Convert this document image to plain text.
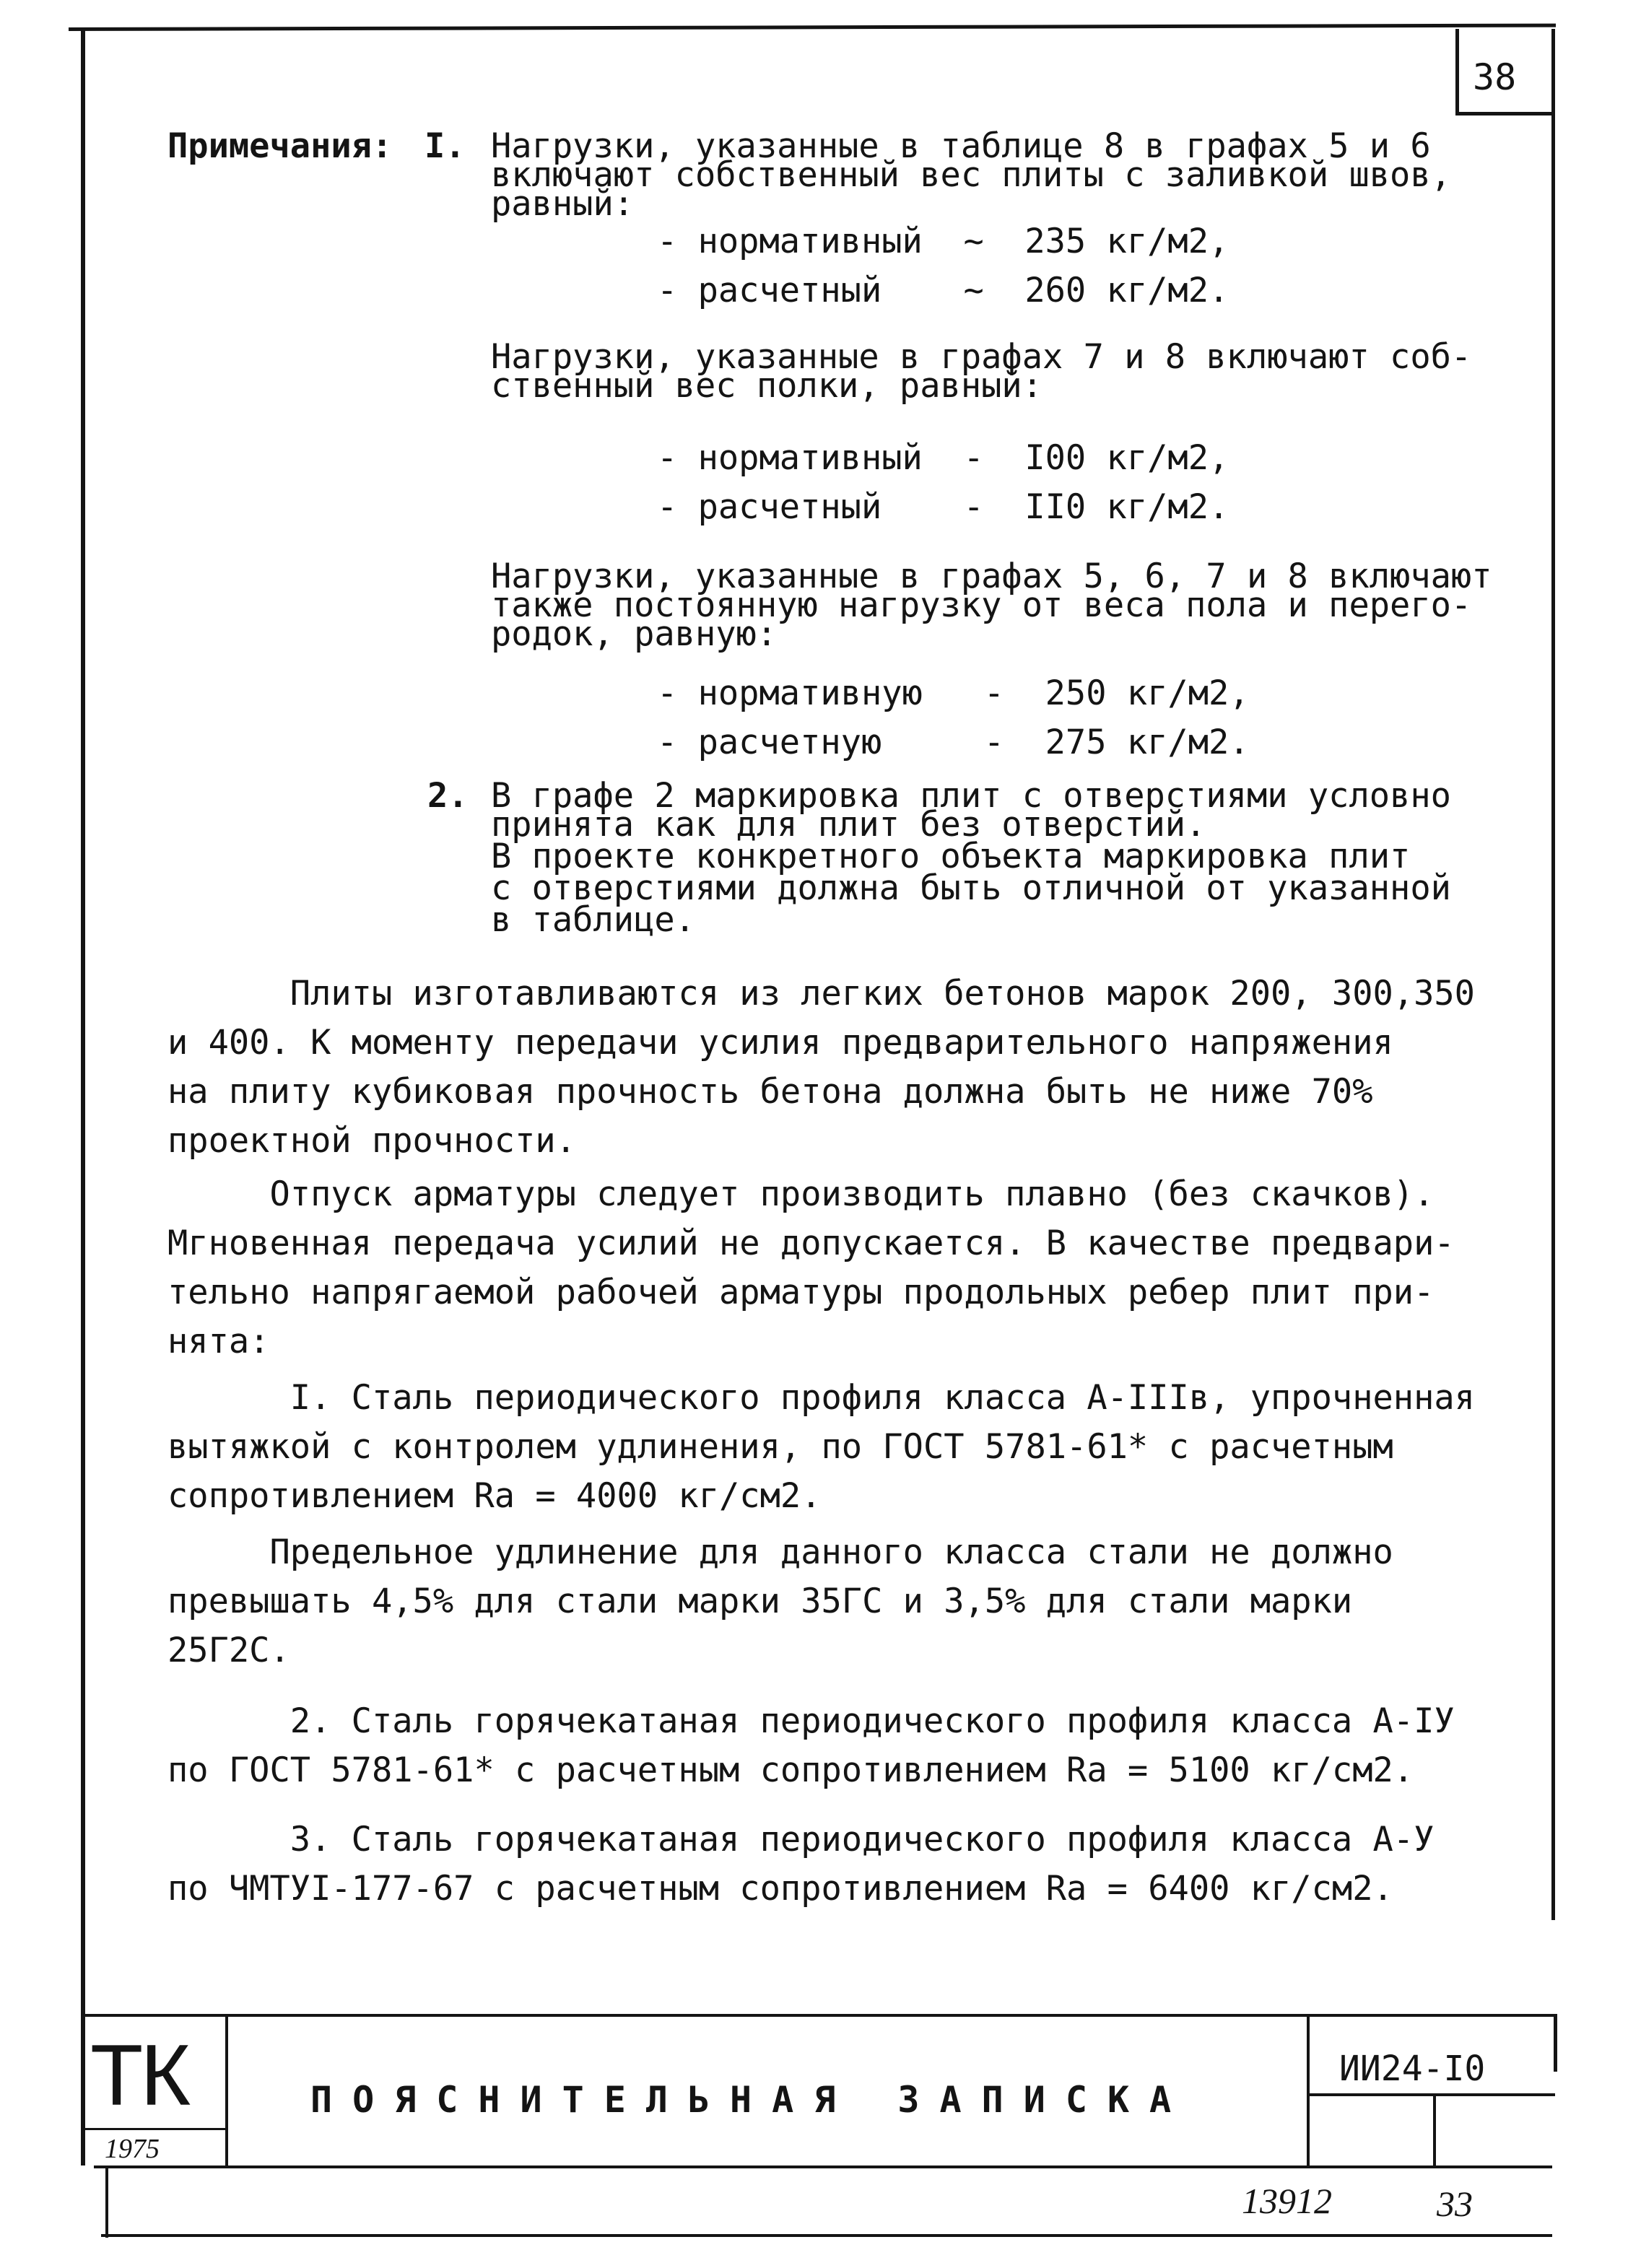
38
Примечания: I. Нагрузки, указанные в таблице 8 в графах 5 и 6
включают собственный вес плиты с заливкой швов,
равный:
- нормативный  ~  235 кг/м2,
- расчетный    ~  260 кг/м2.
Нагрузки, указанные в графах 7 и 8 включают соб-
ственный вес полки, равный:
- нормативный  -  I00 кг/м2,
- расчетный    -  II0 кг/м2.
Нагрузки, указанные в графах 5, 6, 7 и 8 включают
также постоянную нагрузку от веса пола и перего-
родок, равную:
- нормативную   -  250 кг/м2,
- расчетную     -  275 кг/м2.
2. В графе 2 маркировка плит с отверстиями условно
принята как для плит без отверстий.
В проекте конкретного объекта маркировка плит
с отверстиями должна быть отличной от указанной
в таблице.
Плиты изготавливаются из легких бетонов марок 200, 300,350
и 400. К моменту передачи усилия предварительного напряжения
на плиту кубиковая прочность бетона должна быть не ниже 70%
проектной прочности.
Отпуск арматуры следует производить плавно (без скачков).
Мгновенная передача усилий не допускается. В качестве предвари-
тельно напрягаемой рабочей арматуры продольных ребер плит при-
нята:
I. Сталь периодического профиля класса А-IIIв, упрочненная
вытяжкой с контролем удлинения, по ГОСТ 5781-61* с расчетным
сопротивлением Rа = 4000 кг/см2.
Предельное удлинение для данного класса стали не должно
превышать 4,5% для стали марки 35ГС и 3,5% для стали марки
25Г2С.
2. Сталь горячекатаная периодического профиля класса А-IУ
по ГОСТ 5781-61* с расчетным сопротивлением Rа = 5100 кг/см2.
3. Сталь горячекатаная периодического профиля класса А-У
по ЧМТУI-177-67 с расчетным сопротивлением Rа = 6400 кг/см2.
ТК
1975
ПОЯСНИТЕЛЬНАЯ ЗАПИСКА
ИИ24-I0
13912	33
